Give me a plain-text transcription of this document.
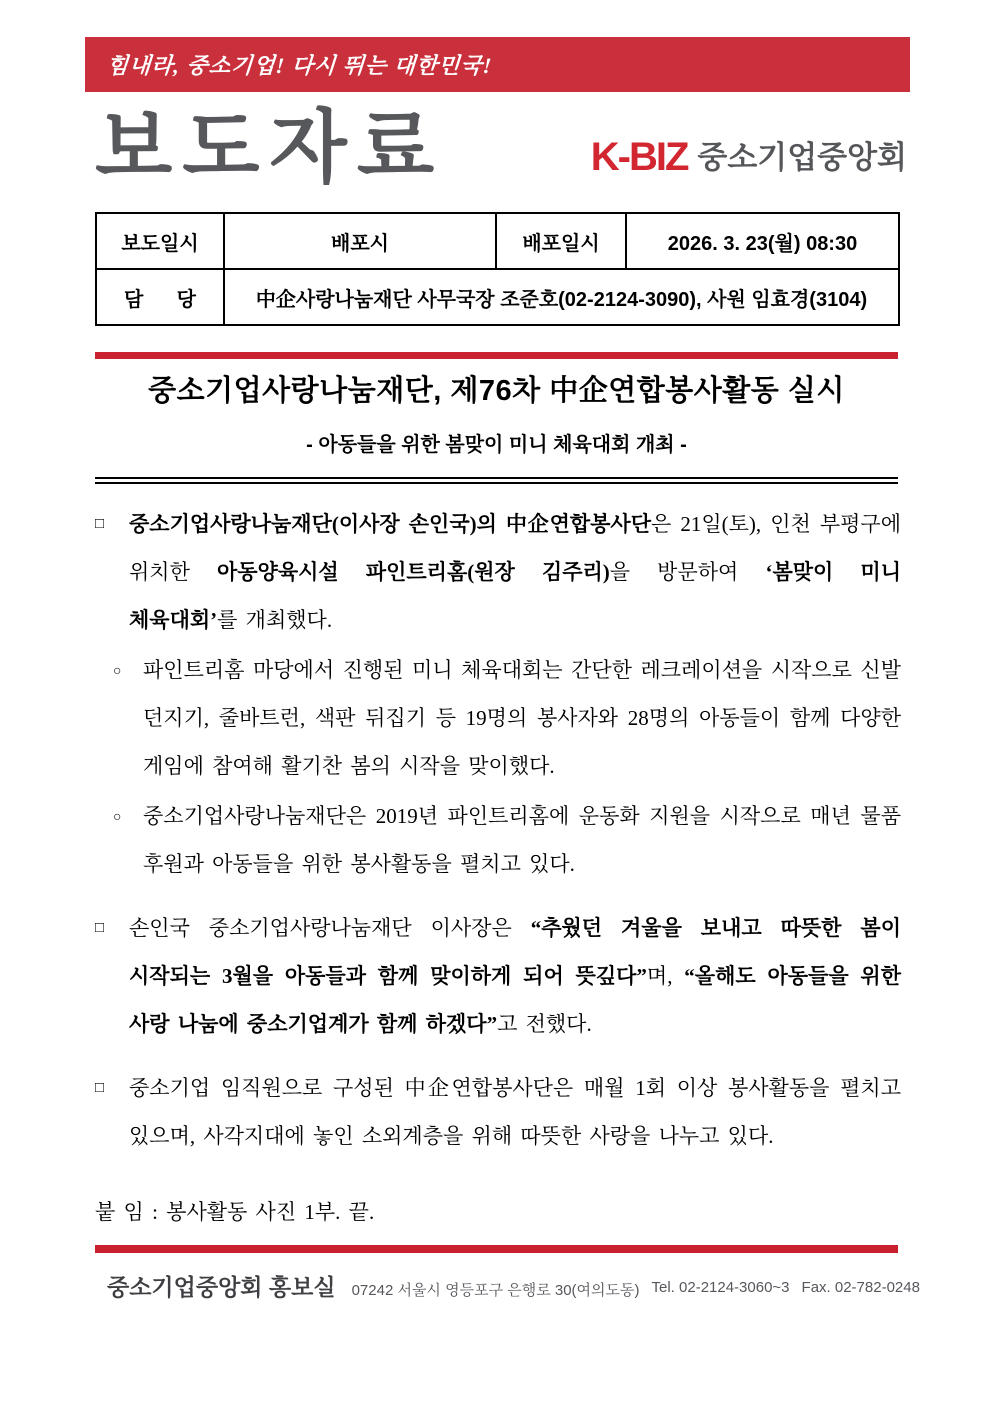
힘내라, 중소기업! 다시 뛰는 대한민국!
보도자료	K-BIZ 중소기업중앙회
보도일시	배포시	배포일시	2026. 3. 23(월) 08:30
담      당	中企사랑나눔재단 사무국장 조준호(02-2124-3090), 사원 임효경(3104)		
중소기업사랑나눔재단, 제76차 中企연합봉사활동 실시
- 아동들을 위한 봄맞이 미니 체육대회 개최 -
□	중소기업사랑나눔재단(이사장 손인국)의 中企연합봉사단은 21일(토), 인천 부평구에 위치한 아동양육시설 파인트리홈(원장 김주리)을 방문하여 ‘봄맞이 미니 체육대회’를 개최했다.
○	파인트리홈 마당에서 진행된 미니 체육대회는 간단한 레크레이션을 시작으로 신발 던지기, 줄바트런, 색판 뒤집기 등 19명의 봉사자와 28명의 아동들이 함께 다양한 게임에 참여해 활기찬 봄의 시작을 맞이했다.
○	중소기업사랑나눔재단은 2019년 파인트리홈에 운동화 지원을 시작으로 매년 물품 후원과 아동들을 위한 봉사활동을 펼치고 있다.
□	손인국 중소기업사랑나눔재단 이사장은 “추웠던 겨울을 보내고 따뜻한 봄이 시작되는 3월을 아동들과 함께 맞이하게 되어 뜻깊다”며, “올해도 아동들을 위한 사랑 나눔에 중소기업계가 함께 하겠다”고 전했다.
□	중소기업 임직원으로 구성된 中企연합봉사단은 매월 1회 이상 봉사활동을 펼치고 있으며, 사각지대에 놓인 소외계층을 위해 따뜻한 사랑을 나누고 있다.
붙 임 : 봉사활동 사진 1부. 끝.
중소기업중앙회 홍보실 07242 서울시 영등포구 은행로 30(여의도동) Tel. 02-2124-3060~3 Fax. 02-782-0248
